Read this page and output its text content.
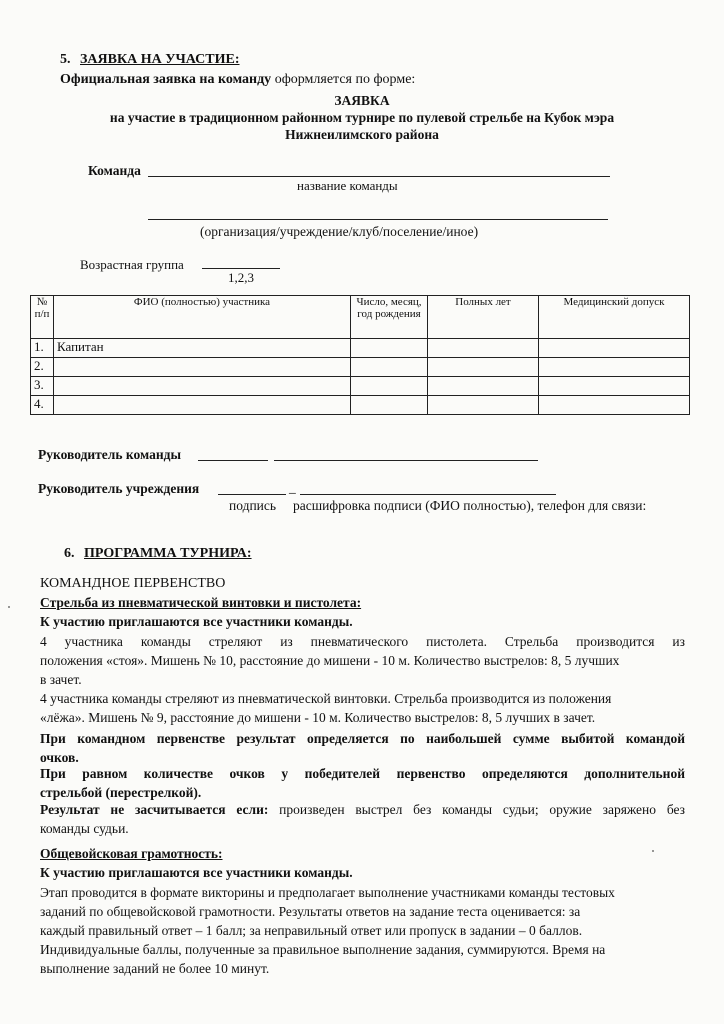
5. ЗАЯВКА НА УЧАСТИЕ:
Официальная заявка на команду оформляется по форме:
ЗАЯВКА
на участие в традиционном районном турнире по пулевой стрельбе на Кубок мэра
Нижнеилимского района
Команда
название команды
(организация/учреждение/клуб/поселение/иное)
Возрастная группа
1,2,3
№ п/п	ФИО (полностью) участника	Число, месяц, год рождения	Полных лет	Медицинский допуск
1.	Капитан			
2.				
3.				
4.				
Руководитель команды
Руководитель учреждения	_
подпись расшифровка подписи (ФИО полностью), телефон для связи:
6. ПРОГРАММА ТУРНИРА:
КОМАНДНОЕ ПЕРВЕНСТВО
Стрельба из пневматической винтовки и пистолета:
К участию приглашаются все участники команды.
4 участника команды стреляют из пневматического пистолета. Стрельба производится из
положения «стоя». Мишень № 10, расстояние до мишени - 10 м. Количество выстрелов: 8, 5 лучших
в зачет.
4 участника команды стреляют из пневматической винтовки. Стрельба производится из положения
«лёжа». Мишень № 9, расстояние до мишени - 10 м. Количество выстрелов: 8, 5 лучших в зачет.
При командном первенстве результат определяется по наибольшей сумме выбитой командой
очков.
При равном количестве очков у победителей первенство определяются дополнительной
стрельбой (перестрелкой).
Результат не засчитывается если: произведен выстрел без команды судьи; оружие заряжено без
команды судьи.
Общевойсковая грамотность:
К участию приглашаются все участники команды.
Этап проводится в формате викторины и предполагает выполнение участниками команды тестовых
заданий по общевойсковой грамотности. Результаты ответов на задание теста оценивается: за
каждый правильный ответ – 1 балл; за неправильный ответ или пропуск в задании – 0 баллов.
Индивидуальные баллы, полученные за правильное выполнение задания, суммируются. Время на
выполнение заданий не более 10 минут.
